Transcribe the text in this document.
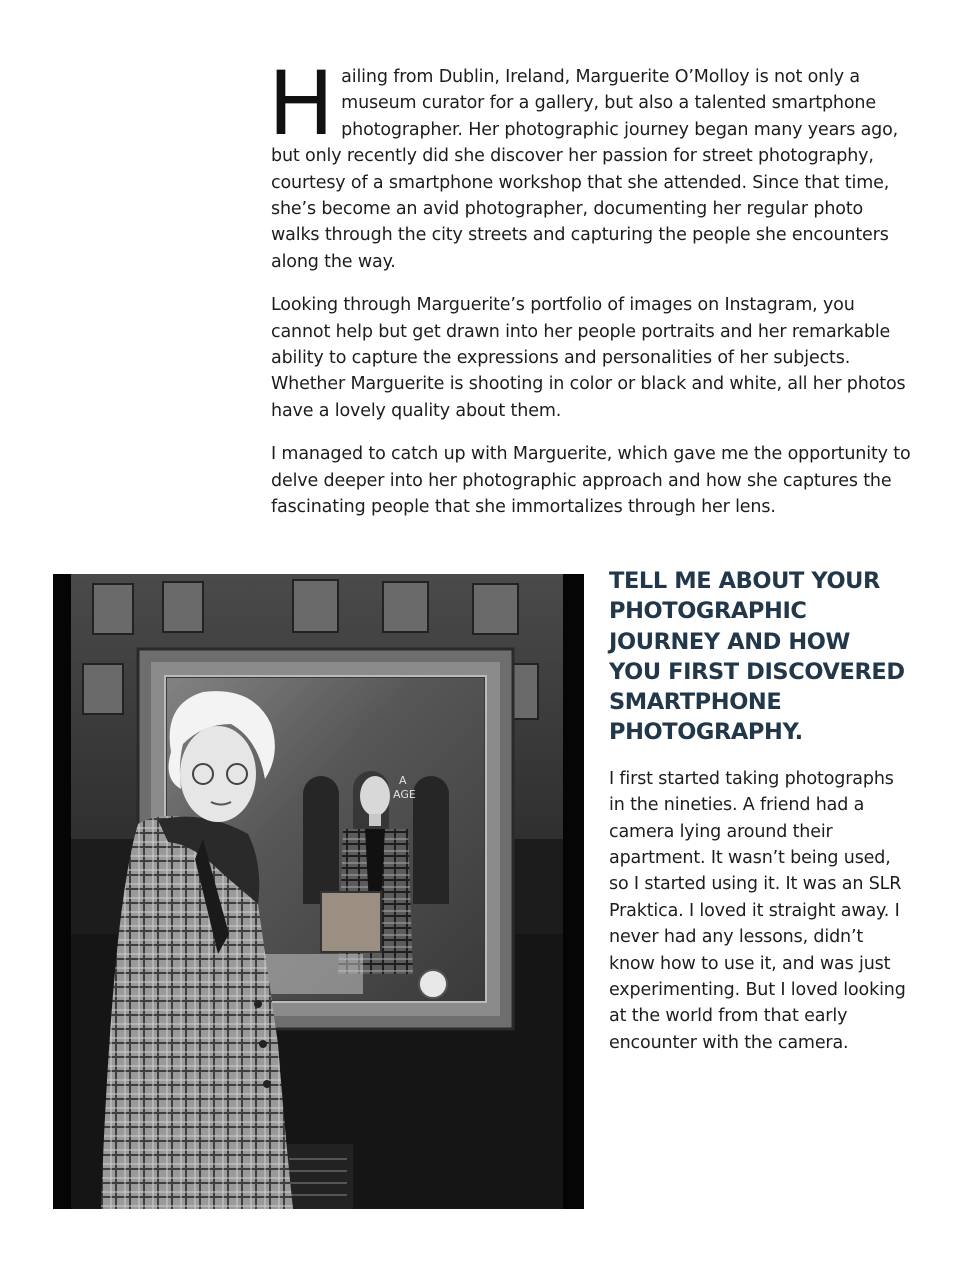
Hailing from Dublin, Ireland, Marguerite O’Molloy is not only a museum curator for a gallery, but also a talented smartphone photographer. Her photographic journey began many years ago, but only recently did she discover her passion for street photography, courtesy of a smartphone workshop that she attended. Since that time, she’s become an avid photographer, documenting her regular photo walks through the city streets and capturing the people she encounters along the way.

Looking through Marguerite’s portfolio of images on Instagram, you cannot help but get drawn into her people portraits and her remarkable ability to capture the expressions and personalities of her subjects. Whether Marguerite is shooting in color or black and white, all her photos have a lovely quality about them.

I managed to catch up with Marguerite, which gave me the opportunity to delve deeper into her photographic approach and how she captures the fascinating people that she immortalizes through her lens.

A
AGE
TELL ME ABOUT YOUR PHOTOGRAPHIC JOURNEY AND HOW YOU FIRST DISCOVERED SMARTPHONE PHOTOGRAPHY.

I first started taking photographs in the nineties. A friend had a camera lying around their apartment. It wasn’t being used, so I started using it. It was an SLR Praktica. I loved it straight away. I never had any lessons, didn’t know how to use it, and was just experimenting. But I loved looking at the world from that early encounter with the camera.
